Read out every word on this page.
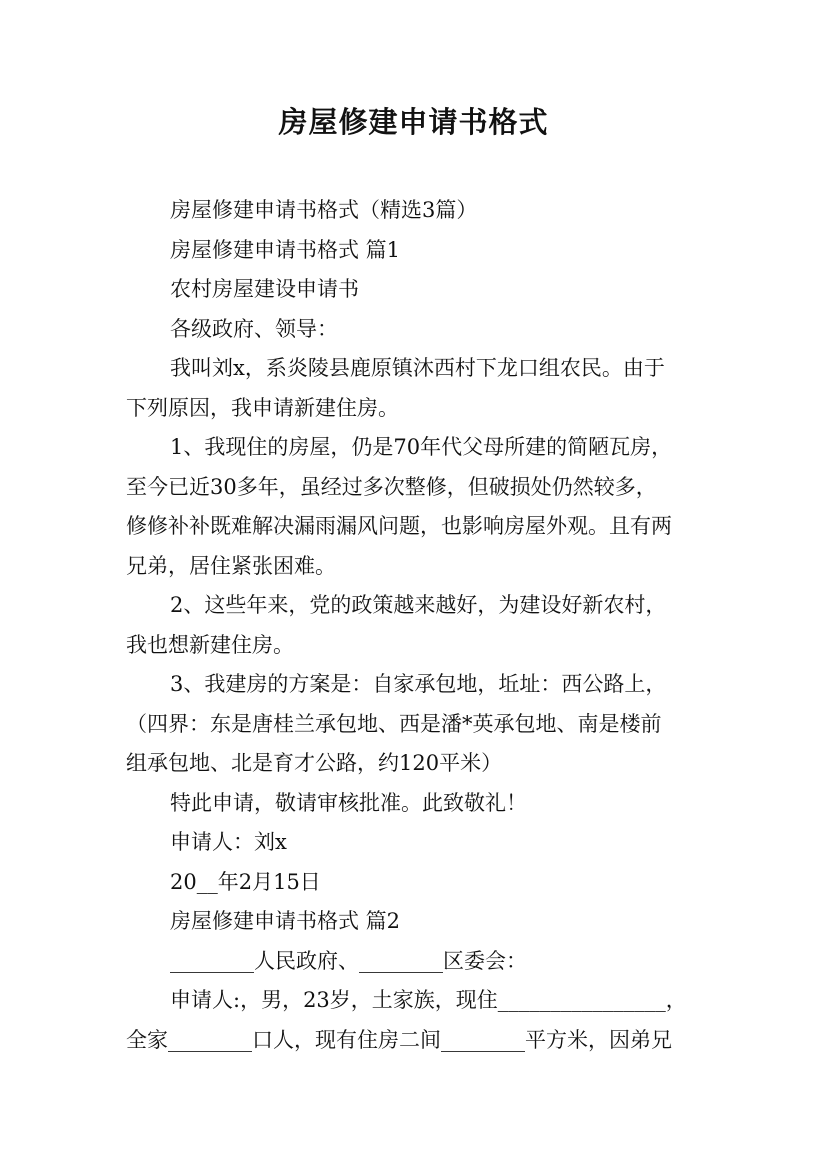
房屋修建申请书格式
房屋修建申请书格式（精选3篇）
房屋修建申请书格式 篇1
农村房屋建设申请书
各级政府、领导：
我叫刘x，系炎陵县鹿原镇沐西村下龙口组农民。由于
下列原因，我申请新建住房。
1、我现住的房屋，仍是70年代父母所建的简陋瓦房，
至今已近30多年，虽经过多次整修，但破损处仍然较多，
修修补补既难解决漏雨漏风问题，也影响房屋外观。且有两
兄弟，居住紧张困难。
2、这些年来，党的政策越来越好，为建设好新农村，
我也想新建住房。
3、我建房的方案是：自家承包地，坵址：西公路上，
（四界：东是唐桂兰承包地、西是潘*英承包地、南是楼前
组承包地、北是育才公路，约120平米）
特此申请，敬请审核批准。此致敬礼！
申请人：刘x
20__年2月15日
房屋修建申请书格式 篇2
________人民政府、________区委会：
申请人:，男，23岁，土家族，现住________________，
全家________口人，现有住房二间________平方米，因弟兄
